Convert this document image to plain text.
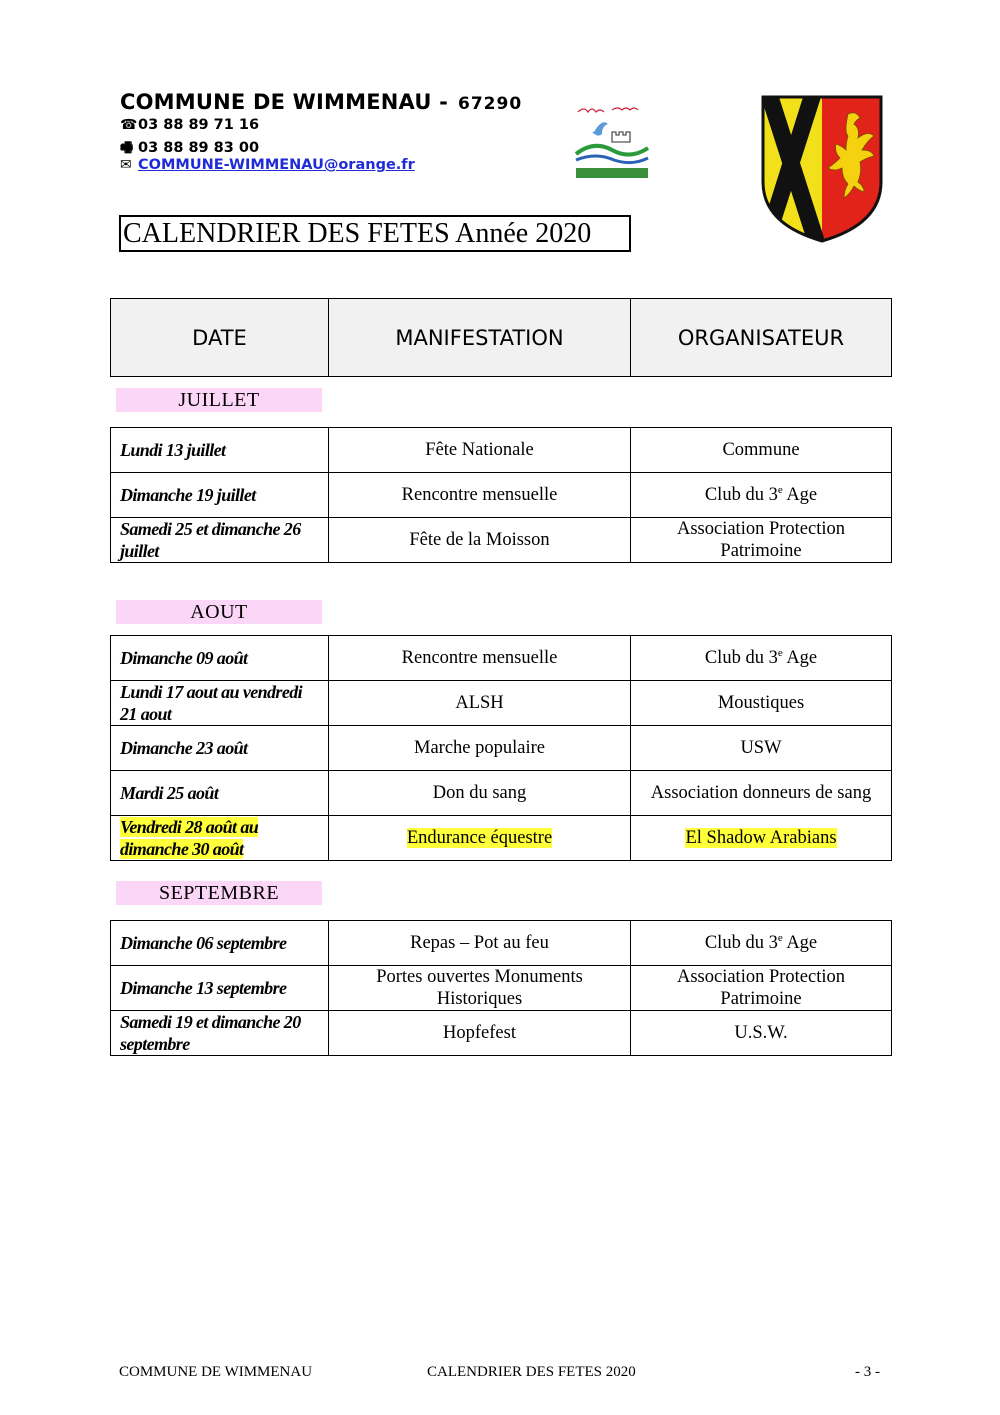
COMMUNE DE WIMMENAU - 67290
☎03 88 89 71 16
🖷 03 88 89 83 00
✉ COMMUNE-WIMMENAU@orange.fr
CALENDRIER DES FETES Année 2020
DATE	MANIFESTATION	ORGANISATEUR
JUILLET
Lundi 13 juillet	Fête Nationale	Commune
Dimanche 19 juillet	Rencontre mensuelle	Club du 3e Age
Samedi 25 et dimanche 26 juillet	Fête de la Moisson	Association Protection Patrimoine
AOUT
Dimanche 09 août	Rencontre mensuelle	Club du 3e Age
Lundi 17 aout au vendredi 21 aout	ALSH	Moustiques
Dimanche 23 août	Marche populaire	USW
Mardi 25 août	Don du sang	Association donneurs de sang
Vendredi 28 août au dimanche 30 août	Endurance équestre	El Shadow Arabians
SEPTEMBRE
Dimanche 06 septembre	Repas – Pot au feu	Club du 3e Age
Dimanche 13 septembre	Portes ouvertes Monuments Historiques	Association Protection Patrimoine
Samedi 19 et dimanche 20 septembre	Hopfefest	U.S.W.
COMMUNE DE WIMMENAU	CALENDRIER DES FETES 2020	- 3 -
